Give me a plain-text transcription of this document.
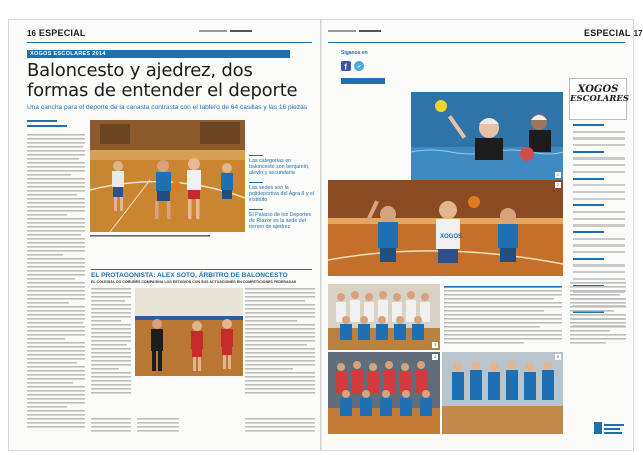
16 ESPECIAL
XOGOS ESCOLARES 2014
Baloncesto y ajedrez, dos
formas de entender el deporte
Una cancha para el deporte de la canasta contrasta con el tablero de 64 casillas y las 16 piezas
Las categorías en baloncesto son benjamín, alevín y secundaria
Las sedes son la polideportiva del Agra II y el instituto
El Palacio de los Deportes de Riazor es la sede del torneo de ajedrez
EL PROTAGONISTA: ALEX SOTO, ÁRBITRO DE BALONCESTO
EL COLEGIAL DO CORUÑÉS COMPAGINA LOS ESTUDIOS CON SUS ACTUACIONES EN COMPETICIONES FEDERADAS
ESPECIAL 17
Siganos en
f
1
XOGOS
ESCOLARES
XOGOS
2
3
4	5
